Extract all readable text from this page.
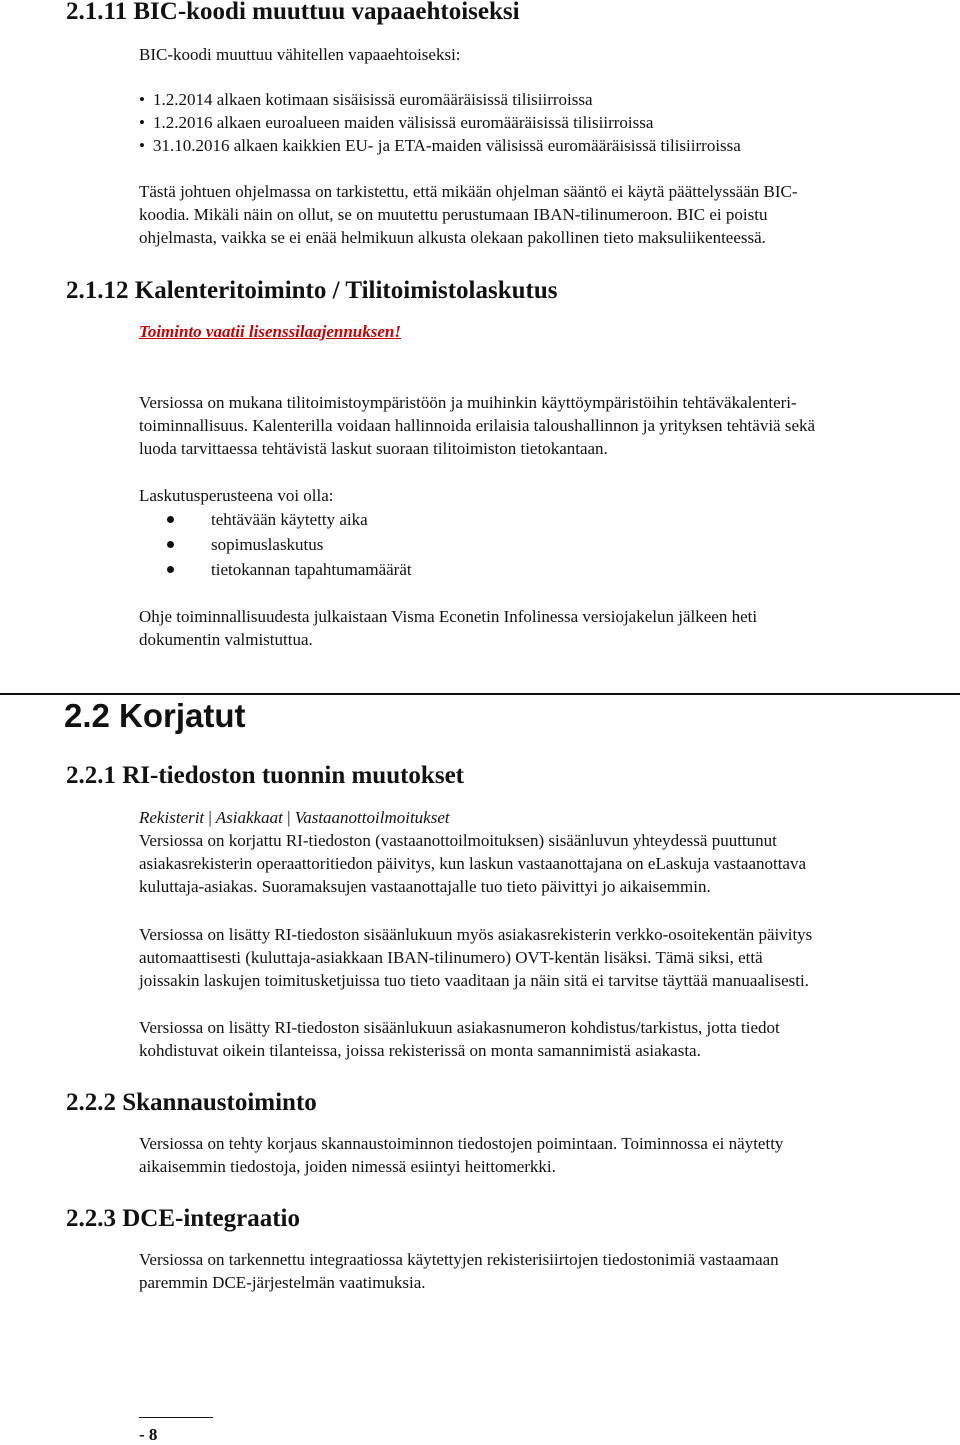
2.1.11 BIC-koodi muuttuu vapaaehtoiseksi
BIC-koodi muuttuu vähitellen vapaaehtoiseksi:
• 1.2.2014 alkaen kotimaan sisäisissä euromääräisissä tilisiirroissa
• 1.2.2016 alkaen euroalueen maiden välisissä euromääräisissä tilisiirroissa
• 31.10.2016 alkaen kaikkien EU- ja ETA-maiden välisissä euromääräisissä tilisiirroissa
Tästä johtuen ohjelmassa on tarkistettu, että mikään ohjelman sääntö ei käytä päättelyssään BIC-
koodia. Mikäli näin on ollut, se on muutettu perustumaan IBAN-tilinumeroon. BIC ei poistu
ohjelmasta, vaikka se ei enää helmikuun alkusta olekaan pakollinen tieto maksuliikenteessä.
2.1.12 Kalenteritoiminto / Tilitoimistolaskutus
Toiminto vaatii lisenssilaajennuksen!
Versiossa on mukana tilitoimistoympäristöön ja muihinkin käyttöympäristöihin tehtäväkalenteri-
toiminnallisuus. Kalenterilla voidaan hallinnoida erilaisia taloushallinnon ja yrityksen tehtäviä sekä
luoda tarvittaessa tehtävistä laskut suoraan tilitoimiston tietokantaan.
Laskutusperusteena voi olla:
tehtävään käytetty aika
sopimuslaskutus
tietokannan tapahtumamäärät
Ohje toiminnallisuudesta julkaistaan Visma Econetin Infolinessa versiojakelun jälkeen heti
dokumentin valmistuttua.
2.2 Korjatut
2.2.1 RI-tiedoston tuonnin muutokset
Rekisterit | Asiakkaat | Vastaanottoilmoitukset
Versiossa on korjattu RI-tiedoston (vastaanottoilmoituksen) sisäänluvun yhteydessä puuttunut
asiakasrekisterin operaattoritiedon päivitys, kun laskun vastaanottajana on eLaskuja vastaanottava
kuluttaja-asiakas. Suoramaksujen vastaanottajalle tuo tieto päivittyi jo aikaisemmin.
Versiossa on lisätty RI-tiedoston sisäänlukuun myös asiakasrekisterin verkko-osoitekentän päivitys
automaattisesti (kuluttaja-asiakkaan IBAN-tilinumero) OVT-kentän lisäksi. Tämä siksi, että
joissakin laskujen toimitusketjuissa tuo tieto vaaditaan ja näin sitä ei tarvitse täyttää manuaalisesti.
Versiossa on lisätty RI-tiedoston sisäänlukuun asiakasnumeron kohdistus/tarkistus, jotta tiedot
kohdistuvat oikein tilanteissa, joissa rekisterissä on monta samannimistä asiakasta.
2.2.2 Skannaustoiminto
Versiossa on tehty korjaus skannaustoiminnon tiedostojen poimintaan. Toiminnossa ei näytetty
aikaisemmin tiedostoja, joiden nimessä esiintyi heittomerkki.
2.2.3 DCE-integraatio
Versiossa on tarkennettu integraatiossa käytettyjen rekisterisiirtojen tiedostonimiä vastaamaan
paremmin DCE-järjestelmän vaatimuksia.
- 8
